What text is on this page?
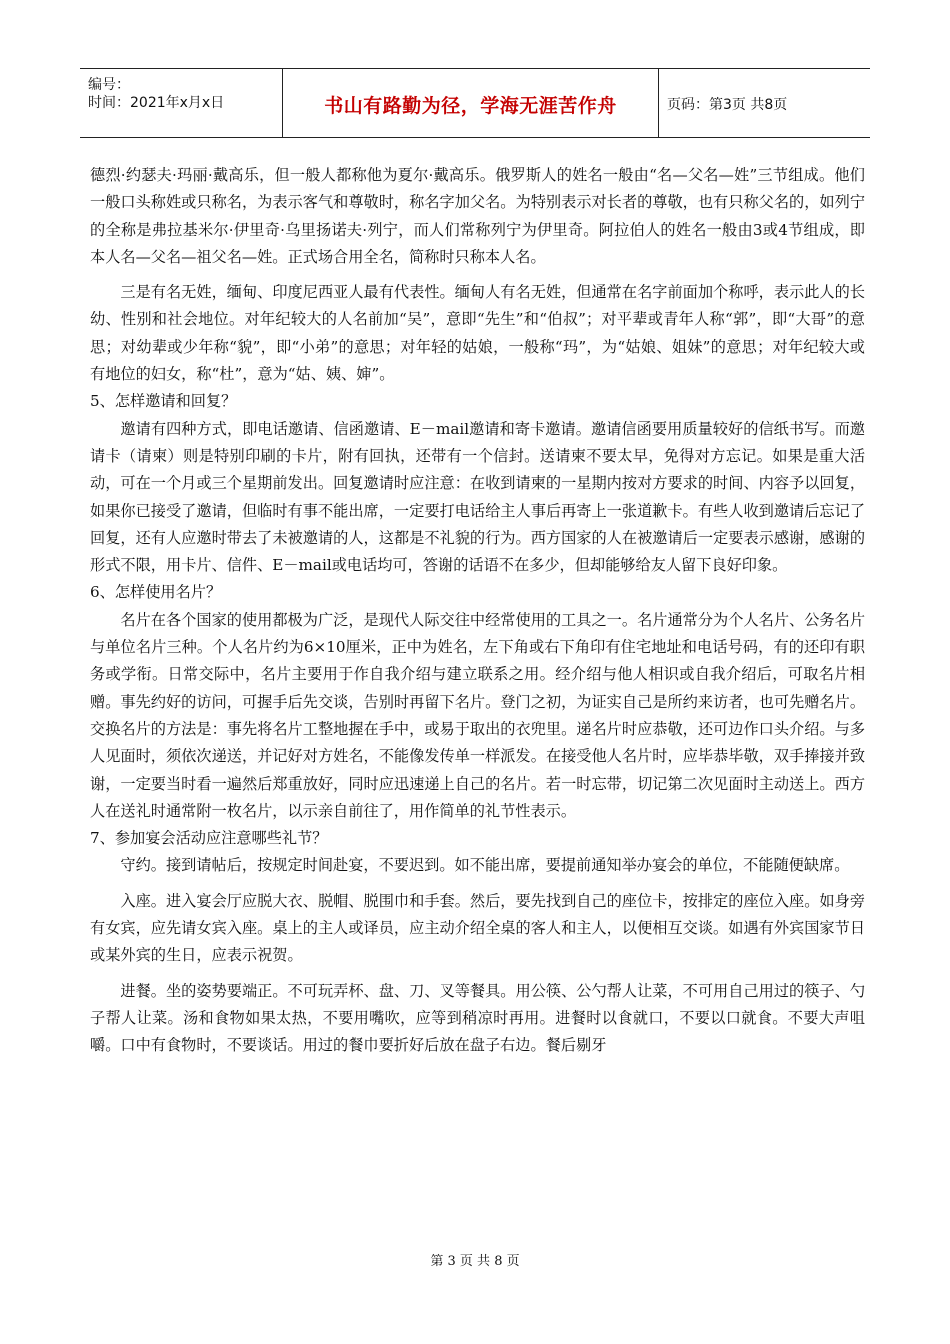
编号：
时间：2021年x月x日	书山有路勤为径，学海无涯苦作舟	页码：第3页 共8页

德烈·约瑟夫·玛丽·戴高乐，但一般人都称他为夏尔·戴高乐。俄罗斯人的姓名一般由“名—父名—姓”三节组成。他们一般口头称姓或只称名，为表示客气和尊敬时，称名字加父名。为特别表示对长者的尊敬，也有只称父名的，如列宁的全称是弗拉基米尔·伊里奇·乌里扬诺夫·列宁，而人们常称列宁为伊里奇。阿拉伯人的姓名一般由3或4节组成，即本人名—父名—祖父名—姓。正式场合用全名，简称时只称本人名。

三是有名无姓，缅甸、印度尼西亚人最有代表性。缅甸人有名无姓，但通常在名字前面加个称呼，表示此人的长幼、性别和社会地位。对年纪较大的人名前加“吴”，意即“先生”和“伯叔”；对平辈或青年人称“郭”，即“大哥”的意思；对幼辈或少年称“貌”，即“小弟”的意思；对年轻的姑娘，一般称“玛”，为“姑娘、姐妹”的意思；对年纪较大或有地位的妇女，称“杜”，意为“姑、姨、婶”。

5、怎样邀请和回复？

邀请有四种方式，即电话邀请、信函邀请、E－mail邀请和寄卡邀请。邀请信函要用质量较好的信纸书写。而邀请卡（请柬）则是特别印刷的卡片，附有回执，还带有一个信封。送请柬不要太早，免得对方忘记。如果是重大活动，可在一个月或三个星期前发出。回复邀请时应注意：在收到请柬的一星期内按对方要求的时间、内容予以回复，如果你已接受了邀请，但临时有事不能出席，一定要打电话给主人事后再寄上一张道歉卡。有些人收到邀请后忘记了回复，还有人应邀时带去了未被邀请的人，这都是不礼貌的行为。西方国家的人在被邀请后一定要表示感谢，感谢的形式不限，用卡片、信件、E－mail或电话均可，答谢的话语不在多少，但却能够给友人留下良好印象。

6、怎样使用名片？

名片在各个国家的使用都极为广泛，是现代人际交往中经常使用的工具之一。名片通常分为个人名片、公务名片与单位名片三种。个人名片约为6×10厘米，正中为姓名，左下角或右下角印有住宅地址和电话号码，有的还印有职务或学衔。日常交际中，名片主要用于作自我介绍与建立联系之用。经介绍与他人相识或自我介绍后，可取名片相赠。事先约好的访问，可握手后先交谈，告别时再留下名片。登门之初，为证实自己是所约来访者，也可先赠名片。交换名片的方法是：事先将名片工整地握在手中，或易于取出的衣兜里。递名片时应恭敬，还可边作口头介绍。与多人见面时，须依次递送，并记好对方姓名，不能像发传单一样派发。在接受他人名片时，应毕恭毕敬，双手捧接并致谢，一定要当时看一遍然后郑重放好，同时应迅速递上自己的名片。若一时忘带，切记第二次见面时主动送上。西方人在送礼时通常附一枚名片，以示亲自前往了，用作简单的礼节性表示。

7、参加宴会活动应注意哪些礼节？

守约。接到请帖后，按规定时间赴宴，不要迟到。如不能出席，要提前通知举办宴会的单位，不能随便缺席。

入座。进入宴会厅应脱大衣、脱帽、脱围巾和手套。然后，要先找到自己的座位卡，按排定的座位入座。如身旁有女宾，应先请女宾入座。桌上的主人或译员，应主动介绍全桌的客人和主人，以便相互交谈。如遇有外宾国家节日或某外宾的生日，应表示祝贺。

进餐。坐的姿势要端正。不可玩弄杯、盘、刀、叉等餐具。用公筷、公勺帮人让菜，不可用自己用过的筷子、勺子帮人让菜。汤和食物如果太热，不要用嘴吹，应等到稍凉时再用。进餐时以食就口，不要以口就食。不要大声咀嚼。口中有食物时，不要谈话。用过的餐巾要折好后放在盘子右边。餐后剔牙

第 3 页 共 8 页
